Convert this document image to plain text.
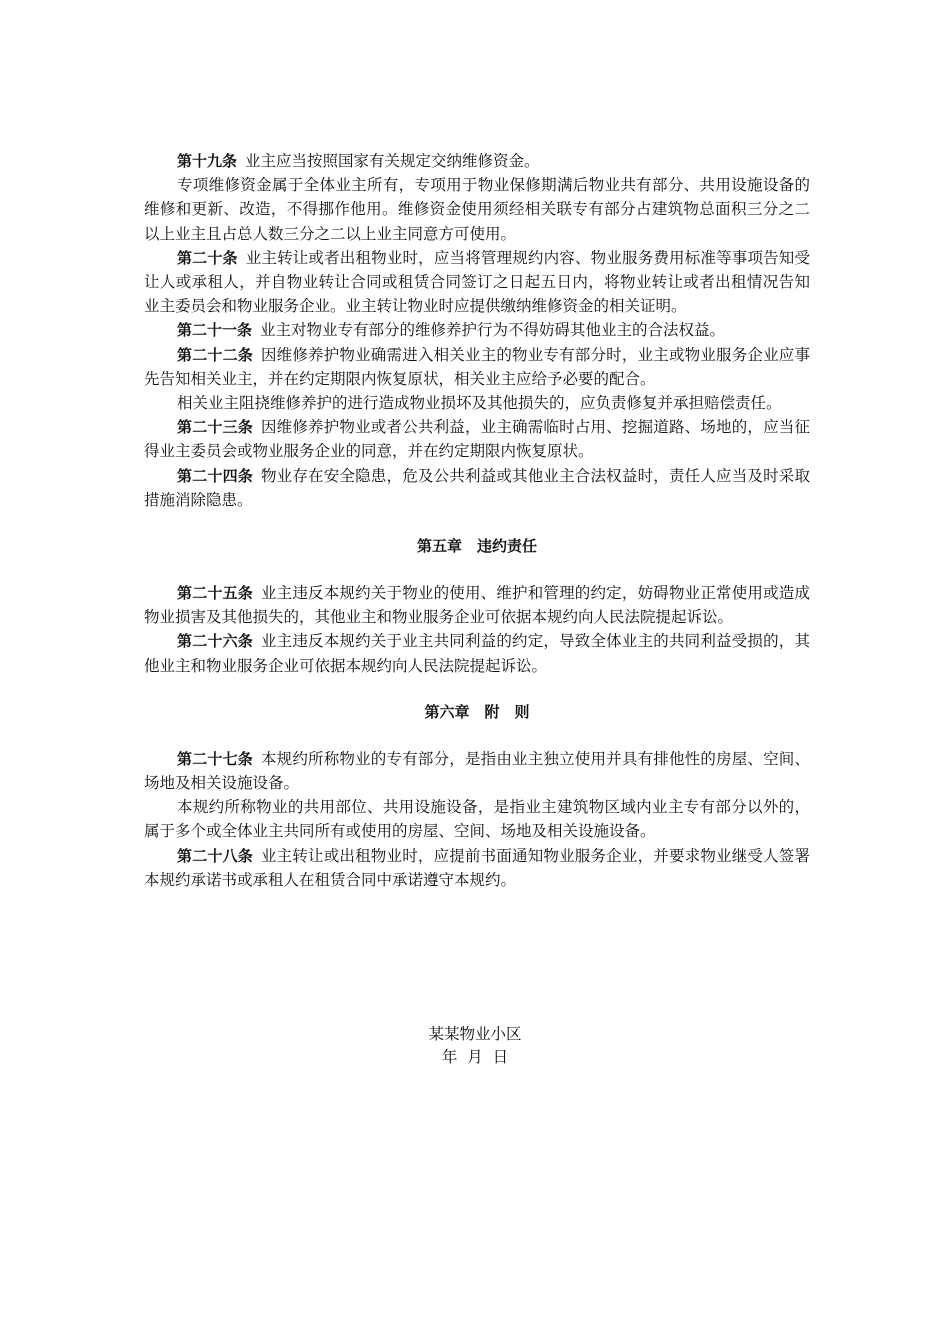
第十九条 业主应当按照国家有关规定交纳维修资金。

专项维修资金属于全体业主所有，专项用于物业保修期满后物业共有部分、共用设施设备的维修和更新、改造，不得挪作他用。维修资金使用须经相关联专有部分占建筑物总面积三分之二以上业主且占总人数三分之二以上业主同意方可使用。

第二十条 业主转让或者出租物业时，应当将管理规约内容、物业服务费用标准等事项告知受让人或承租人，并自物业转让合同或租赁合同签订之日起五日内，将物业转让或者出租情况告知业主委员会和物业服务企业。业主转让物业时应提供缴纳维修资金的相关证明。

第二十一条 业主对物业专有部分的维修养护行为不得妨碍其他业主的合法权益。

第二十二条 因维修养护物业确需进入相关业主的物业专有部分时，业主或物业服务企业应事先告知相关业主，并在约定期限内恢复原状，相关业主应给予必要的配合。

相关业主阻挠维修养护的进行造成物业损坏及其他损失的，应负责修复并承担赔偿责任。

第二十三条 因维修养护物业或者公共利益，业主确需临时占用、挖掘道路、场地的，应当征得业主委员会或物业服务企业的同意，并在约定期限内恢复原状。

第二十四条 物业存在安全隐患，危及公共利益或其他业主合法权益时，责任人应当及时采取措施消除隐患。

第五章　违约责任

第二十五条 业主违反本规约关于物业的使用、维护和管理的约定，妨碍物业正常使用或造成物业损害及其他损失的，其他业主和物业服务企业可依据本规约向人民法院提起诉讼。

第二十六条 业主违反本规约关于业主共同利益的约定，导致全体业主的共同利益受损的，其他业主和物业服务企业可依据本规约向人民法院提起诉讼。

第六章　附　则

第二十七条 本规约所称物业的专有部分，是指由业主独立使用并具有排他性的房屋、空间、场地及相关设施设备。

本规约所称物业的共用部位、共用设施设备，是指业主建筑物区域内业主专有部分以外的，属于多个或全体业主共同所有或使用的房屋、空间、场地及相关设施设备。

第二十八条 业主转让或出租物业时，应提前书面通知物业服务企业，并要求物业继受人签署本规约承诺书或承租人在租赁合同中承诺遵守本规约。

某某物业小区
年  月  日
